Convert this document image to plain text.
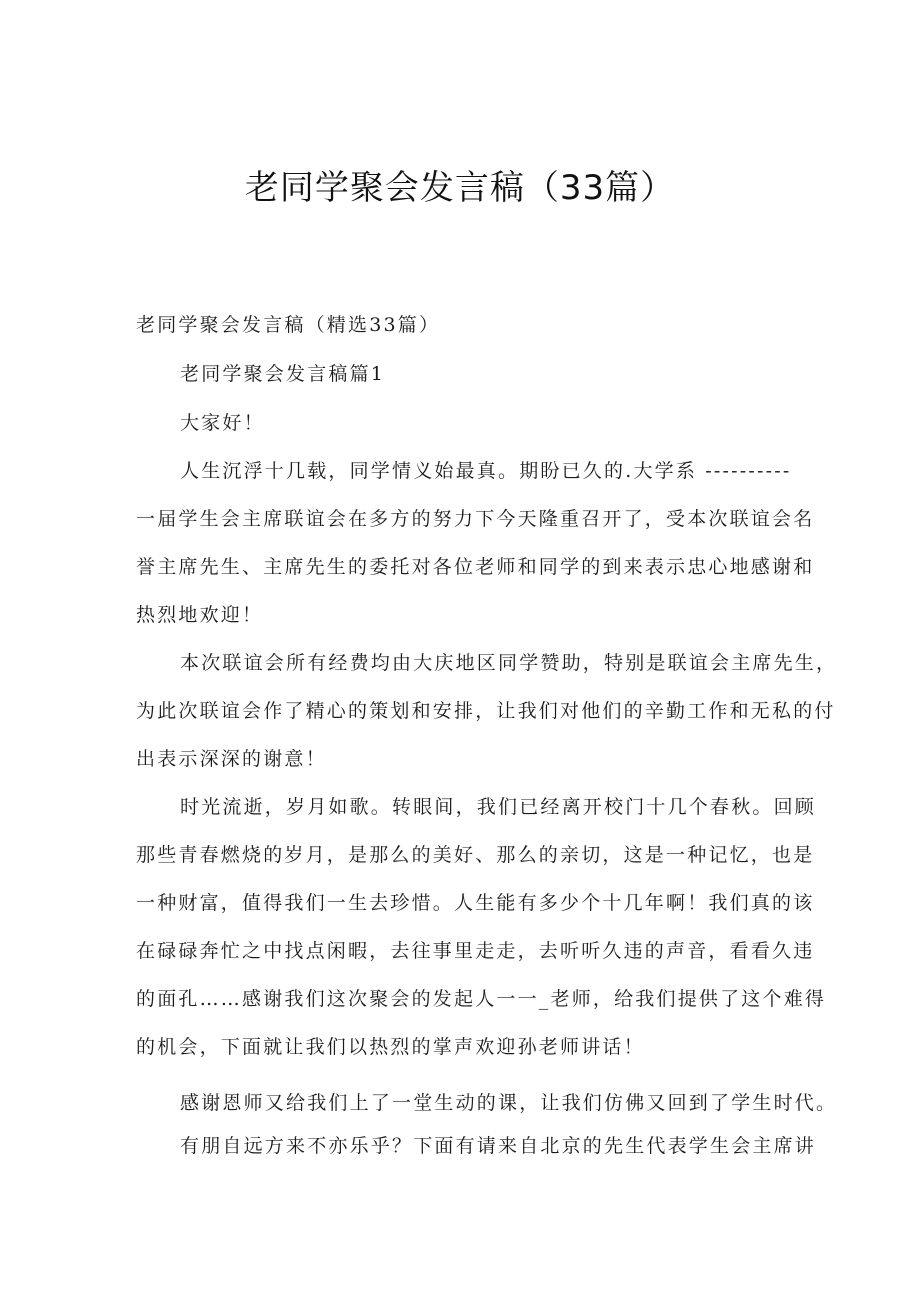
老同学聚会发言稿（33篇）
老同学聚会发言稿（精选33篇）
老同学聚会发言稿篇1
大家好！
人生沉浮十几载，同学情义始最真。期盼已久的.大学系 ----------
一届学生会主席联谊会在多方的努力下今天隆重召开了，受本次联谊会名
誉主席先生、主席先生的委托对各位老师和同学的到来表示忠心地感谢和
热烈地欢迎！
本次联谊会所有经费均由大庆地区同学赞助，特别是联谊会主席先生，
为此次联谊会作了精心的策划和安排，让我们对他们的辛勤工作和无私的付
出表示深深的谢意！
时光流逝，岁月如歌。转眼间，我们已经离开校门十几个春秋。回顾
那些青春燃烧的岁月，是那么的美好、那么的亲切，这是一种记忆，也是
一种财富，值得我们一生去珍惜。人生能有多少个十几年啊！我们真的该
在碌碌奔忙之中找点闲暇，去往事里走走，去听听久违的声音，看看久违
的面孔……感谢我们这次聚会的发起人一一_老师，给我们提供了这个难得
的机会，下面就让我们以热烈的掌声欢迎孙老师讲话！
感谢恩师又给我们上了一堂生动的课，让我们仿佛又回到了学生时代。
有朋自远方来不亦乐乎？下面有请来自北京的先生代表学生会主席讲
